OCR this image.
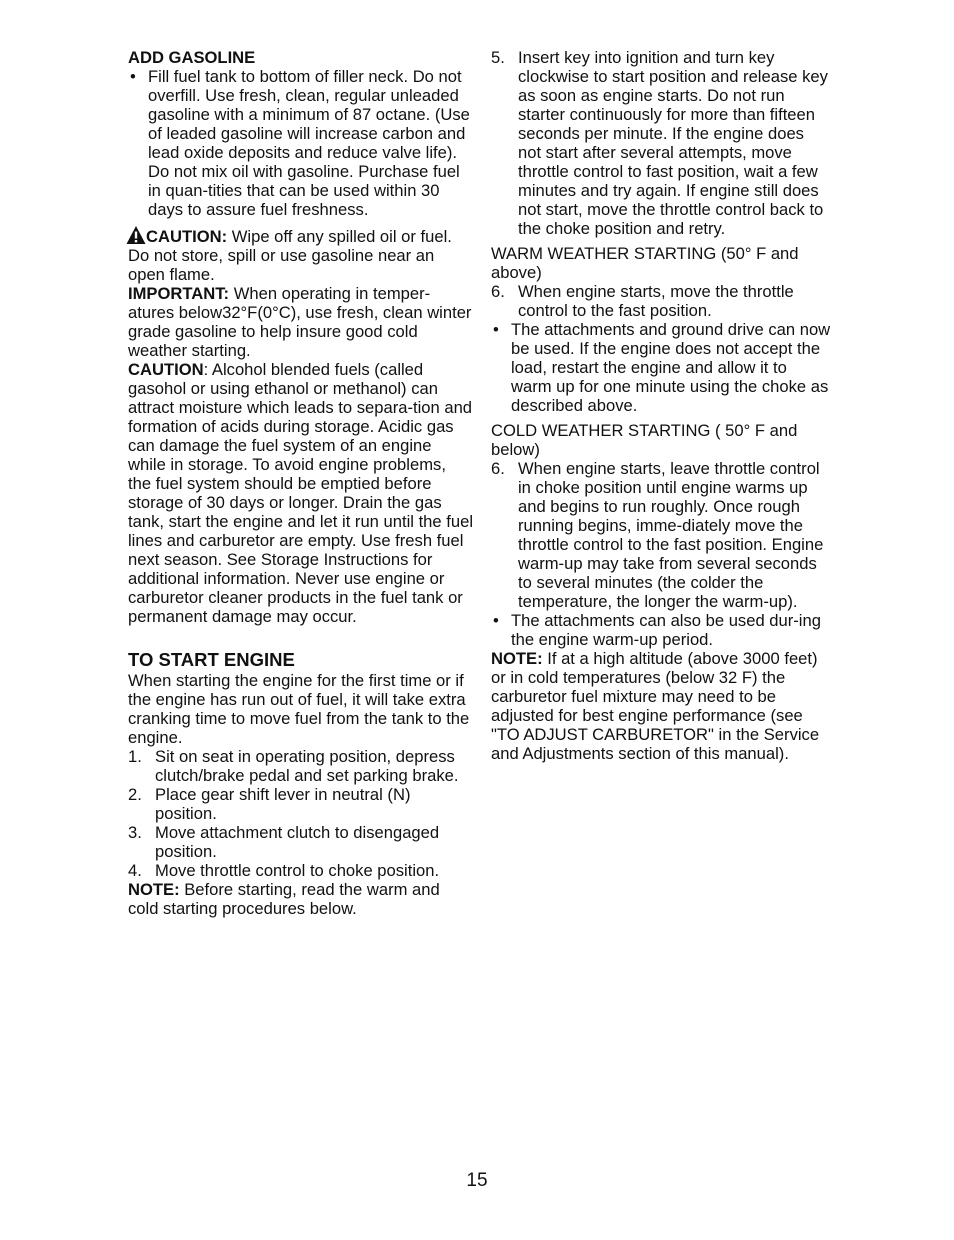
ADD GASOLINE

• Fill fuel tank to bottom of filler neck. Do not overfill. Use fresh, clean, regular unleaded gasoline with a minimum of 87 octane. (Use of leaded gasoline will increase carbon and lead oxide deposits and reduce valve life). Do not mix oil with gasoline. Purchase fuel in quan-tities that can be used within 30 days to assure fuel freshness.

CAUTION: Wipe off any spilled oil or fuel. Do not store, spill or use gasoline near an open flame.

IMPORTANT: When operating in temper-atures below32°F(0°C), use fresh, clean winter grade gasoline to help insure good cold weather starting.

CAUTION: Alcohol blended fuels (called gasohol or using ethanol or methanol) can attract moisture which leads to separa-tion and formation of acids during storage. Acidic gas can damage the fuel system of an engine while in storage. To avoid engine problems, the fuel system should be emptied before storage of 30 days or longer. Drain the gas tank, start the engine and let it run until the fuel lines and carburetor are empty. Use fresh fuel next season. See Storage Instructions for additional information. Never use engine or carburetor cleaner products in the fuel tank or permanent damage may occur.

TO START ENGINE

When starting the engine for the first time or if the engine has run out of fuel, it will take extra cranking time to move fuel from the tank to the engine.

1. Sit on seat in operating position, depress clutch/brake pedal and set parking brake.
2. Place gear shift lever in neutral (N) position.
3. Move attachment clutch to disengaged position.
4. Move throttle control to choke position.

NOTE: Before starting, read the warm and cold starting procedures below.

5. Insert key into ignition and turn key clockwise to start position and release key as soon as engine starts. Do not run starter continuously for more than fifteen seconds per minute. If the engine does not start after several attempts, move throttle control to fast position, wait a few minutes and try again. If engine still does not start, move the throttle control back to the choke position and retry.

WARM WEATHER STARTING (50° F and above)

6. When engine starts, move the throttle control to the fast position.
• The attachments and ground drive can now be used. If the engine does not accept the load, restart the engine and allow it to warm up for one minute using the choke as described above.

COLD WEATHER STARTING ( 50° F and below)

6. When engine starts, leave throttle control in choke position until engine warms up and begins to run roughly. Once rough running begins, imme-diately move the throttle control to the fast position. Engine warm-up may take from several seconds to several minutes (the colder the temperature, the longer the warm-up).
• The attachments can also be used dur-ing the engine warm-up period.

NOTE: If at a high altitude (above 3000 feet) or in cold temperatures (below 32 F) the carburetor fuel mixture may need to be adjusted for best engine performance (see "TO ADJUST CARBURETOR" in the Service and Adjustments section of this manual).

15
